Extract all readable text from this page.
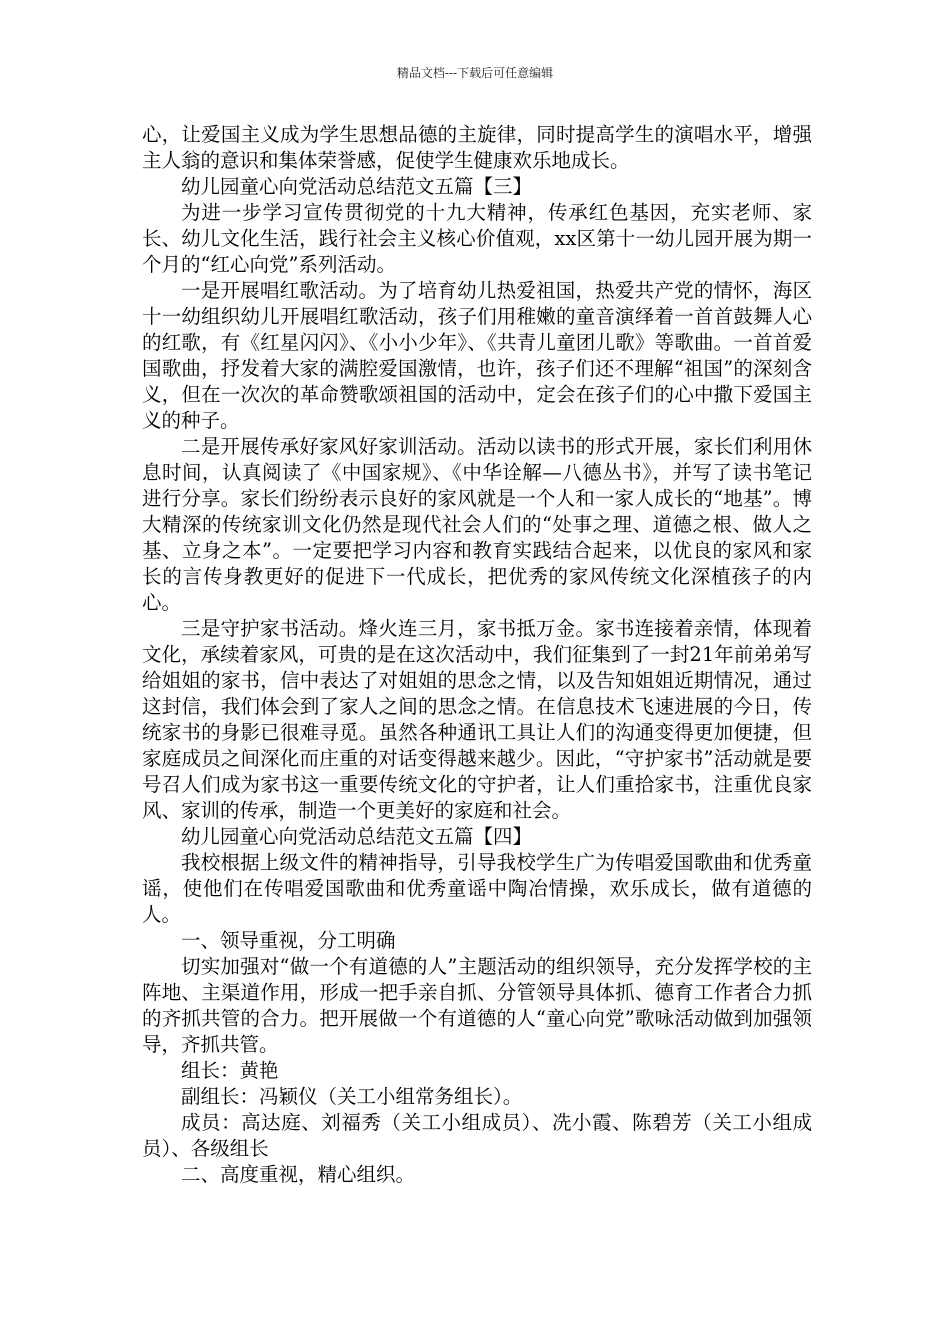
精品文档---下载后可任意编辑

心，让爱国主义成为学生思想品德的主旋律，同时提高学生的演唱水平，增强主人翁的意识和集体荣誉感，促使学生健康欢乐地成长。

幼儿园童心向党活动总结范文五篇【三】

为进一步学习宣传贯彻党的十九大精神，传承红色基因，充实老师、家长、幼儿文化生活，践行社会主义核心价值观，xx区第十一幼儿园开展为期一个月的“红心向党”系列活动。

一是开展唱红歌活动。为了培育幼儿热爱祖国，热爱共产党的情怀，海区十一幼组织幼儿开展唱红歌活动，孩子们用稚嫩的童音演绎着一首首鼓舞人心的红歌，有《红星闪闪》、《小小少年》、《共青儿童团儿歌》等歌曲。一首首爱国歌曲，抒发着大家的满腔爱国激情，也许，孩子们还不理解“祖国”的深刻含义，但在一次次的革命赞歌颂祖国的活动中，定会在孩子们的心中撒下爱国主义的种子。

二是开展传承好家风好家训活动。活动以读书的形式开展，家长们利用休息时间，认真阅读了《中国家规》、《中华诠解—八德丛书》，并写了读书笔记进行分享。家长们纷纷表示良好的家风就是一个人和一家人成长的“地基”。博大精深的传统家训文化仍然是现代社会人们的“处事之理、道德之根、做人之基、立身之本”。一定要把学习内容和教育实践结合起来，以优良的家风和家长的言传身教更好的促进下一代成长，把优秀的家风传统文化深植孩子的内心。

三是守护家书活动。烽火连三月，家书抵万金。家书连接着亲情，体现着文化，承续着家风，可贵的是在这次活动中，我们征集到了一封21年前弟弟写给姐姐的家书，信中表达了对姐姐的思念之情，以及告知姐姐近期情况，通过这封信，我们体会到了家人之间的思念之情。在信息技术飞速进展的今日，传统家书的身影已很难寻觅。虽然各种通讯工具让人们的沟通变得更加便捷，但家庭成员之间深化而庄重的对话变得越来越少。因此，“守护家书”活动就是要号召人们成为家书这一重要传统文化的守护者，让人们重拾家书，注重优良家风、家训的传承，制造一个更美好的家庭和社会。

幼儿园童心向党活动总结范文五篇【四】

我校根据上级文件的精神指导，引导我校学生广为传唱爱国歌曲和优秀童谣，使他们在传唱爱国歌曲和优秀童谣中陶冶情操，欢乐成长，做有道德的人。

一、领导重视，分工明确

切实加强对“做一个有道德的人”主题活动的组织领导，充分发挥学校的主阵地、主渠道作用，形成一把手亲自抓、分管领导具体抓、德育工作者合力抓的齐抓共管的合力。把开展做一个有道德的人“童心向党”歌咏活动做到加强领导，齐抓共管。

组长：黄艳

副组长：冯颖仪（关工小组常务组长）。

成员：高达庭、刘福秀（关工小组成员）、冼小霞、陈碧芳（关工小组成员）、各级组长

二、高度重视，精心组织。
